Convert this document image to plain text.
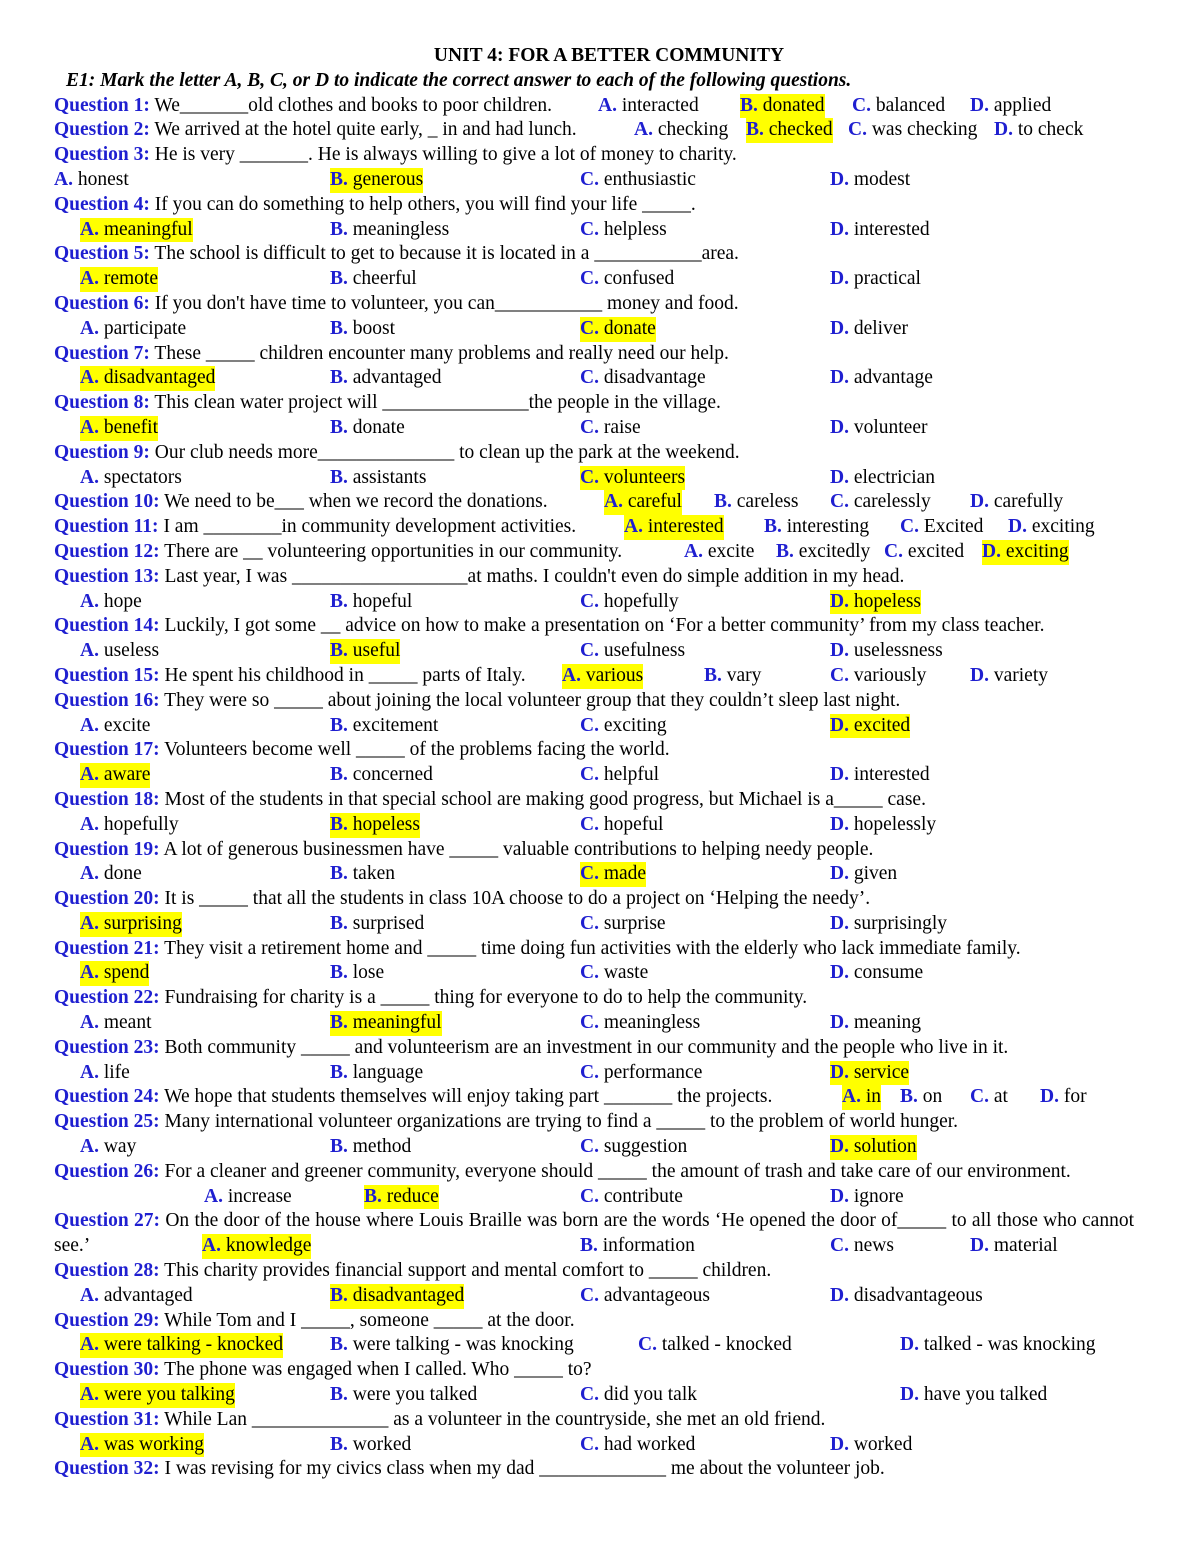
UNIT 4: FOR A BETTER COMMUNITY
E1: Mark the letter A, B, C, or D to indicate the correct answer to each of the following questions.
Question 1: We_______old clothes and books to poor children. A. interacted B. donated C. balanced D. applied
Question 2: We arrived at the hotel quite early, _ in and had lunch.	A. checking B. checked C. was checking D. to check
Question 3: He is very _______. He is always willing to give a lot of money to charity.
A. honest	B. generous	C. enthusiastic	D. modest
Question 4: If you can do something to help others, you will find your life _____.
A. meaningful	B. meaningless	C. helpless	D. interested
Question 5: The school is difficult to get to because it is located in a ___________area.
A. remote	B. cheerful	C. confused	D. practical
Question 6: If you don't have time to volunteer, you can___________ money and food.
A. participate	B. boost	C. donate	D. deliver
Question 7: These _____ children encounter many problems and really need our help.
A. disadvantaged	B. advantaged	C. disadvantage	D. advantage
Question 8: This clean water project will _______________the people in the village.
A. benefit	B. donate	C. raise	D. volunteer
Question 9: Our club needs more______________ to clean up the park at the weekend.
A. spectators	B. assistants	C. volunteers	D. electrician
Question 10: We need to be___ when we record the donations.	A. careful B. careless C. carelessly D. carefully
Question 11: I am ________in community development activities. A. interested B. interesting C. Excited D. exciting
Question 12: There are __ volunteering opportunities in our community.	A. excite B. excitedly C. excited D. exciting
Question 13: Last year, I was __________________at maths. I couldn't even do simple addition in my head.
A. hope	B. hopeful	C. hopefully	D. hopeless
Question 14: Luckily, I got some __ advice on how to make a presentation on ‘For a better community’ from my class teacher.
A. useless	B. useful	C. usefulness	D. uselessness
Question 15: He spent his childhood in _____ parts of Italy. A. various	B. vary	C. variously D. variety
Question 16: They were so _____ about joining the local volunteer group that they couldn’t sleep last night.
A. excite	B. excitement	C. exciting	D. excited
Question 17: Volunteers become well _____ of the problems facing the world.
A. aware	B. concerned	C. helpful	D. interested
Question 18: Most of the students in that special school are making good progress, but Michael is a_____ case.
A. hopefully	B. hopeless	C. hopeful	D. hopelessly
Question 19: A lot of generous businessmen have _____ valuable contributions to helping needy people.
A. done	B. taken	C. made	D. given
Question 20: It is _____ that all the students in class 10A choose to do a project on ‘Helping the needy’.
A. surprising	B. surprised	C. surprise	D. surprisingly
Question 21: They visit a retirement home and _____ time doing fun activities with the elderly who lack immediate family.
A. spend	B. lose	C. waste	D. consume
Question 22: Fundraising for charity is a _____ thing for everyone to do to help the community.
A. meant	B. meaningful	C. meaningless	D. meaning
Question 23: Both community _____ and volunteerism are an investment in our community and the people who live in it.
A. life	B. language	C. performance	D. service
Question 24: We hope that students themselves will enjoy taking part _______ the projects.	A. in B. on C. at D. for
Question 25: Many international volunteer organizations are trying to find a _____ to the problem of world hunger.
A. way	B. method	C. suggestion	D. solution
Question 26: For a cleaner and greener community, everyone should _____ the amount of trash and take care of our environment.
A. increase	B. reduce	C. contribute	D. ignore
Question 27: On the door of the house where Louis Braille was born are the words ‘He opened the door of_____ to all those who cannot see.’	A. knowledge	B. information	C. news	D. material
Question 28: This charity provides financial support and mental comfort to _____ children.
A. advantaged	B. disadvantaged	C. advantageous	D. disadvantageous
Question 29: While Tom and I _____, someone _____ at the door.
A. were talking - knocked B. were talking - was knocking	C. talked - knocked	D. talked - was knocking
Question 30: The phone was engaged when I called. Who _____ to?
A. were you talking	B. were you talked	C. did you talk	D. have you talked
Question 31: While Lan ______________ as a volunteer in the countryside, she met an old friend.
A. was working	B. worked	C. had worked	D. worked
Question 32: I was revising for my civics class when my dad _____________ me about the volunteer job.
